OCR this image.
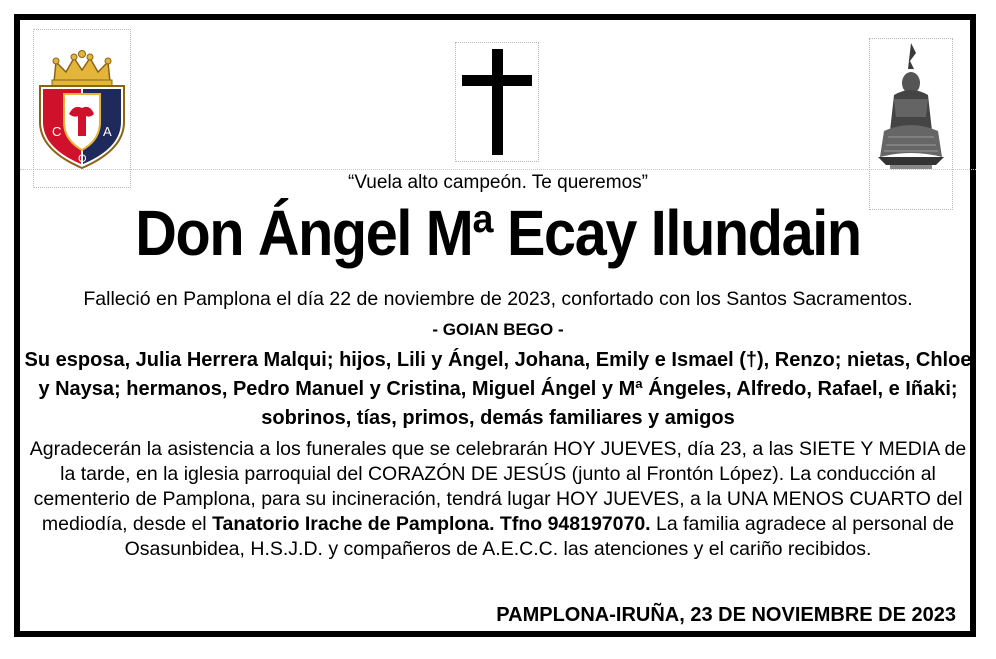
C	A
O
“Vuela alto campeón. Te queremos”
Don Ángel Mª Ecay Ilundain
Falleció en Pamplona el día 22 de noviembre de 2023, confortado con los Santos Sacramentos.
- GOIAN BEGO -
Su esposa, Julia Herrera Malqui; hijos, Lili y Ángel, Johana, Emily e Ismael (†), Renzo; nietas, Chloe y Naysa; hermanos, Pedro Manuel y Cristina, Miguel Ángel y Mª Ángeles, Alfredo, Rafael, e Iñaki; sobrinos, tías, primos, demás familiares y amigos
Agradecerán la asistencia a los funerales que se celebrarán HOY JUEVES, día 23, a las SIETE Y MEDIA de la tarde, en la iglesia parroquial del CORAZÓN DE JESÚS (junto al Frontón López). La conducción al cementerio de Pamplona, para su incineración, tendrá lugar HOY JUEVES, a la UNA MENOS CUARTO del mediodía, desde el Tanatorio Irache de Pamplona. Tfno 948197070. La familia agradece al personal de Osasunbidea, H.S.J.D. y compañeros de A.E.C.C. las atenciones y el cariño recibidos.
PAMPLONA-IRUÑA, 23 DE NOVIEMBRE DE 2023
